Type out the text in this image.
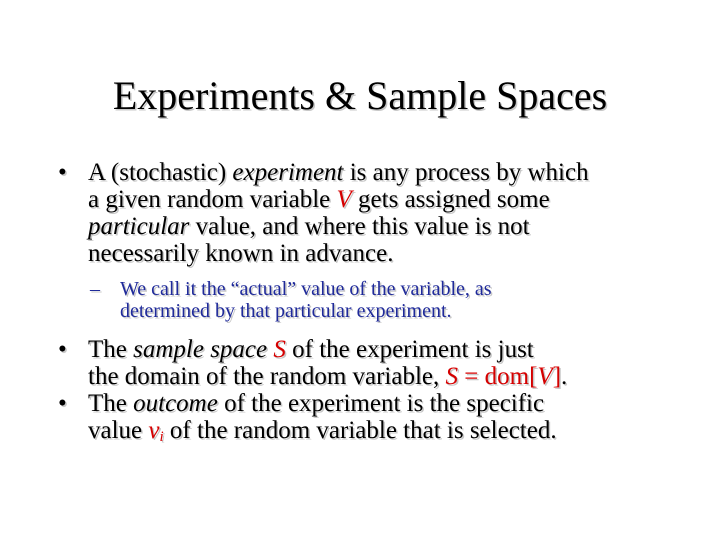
Experiments & Sample Spaces
• A (stochastic) experiment is any process by which
a given random variable V gets assigned some
particular value, and where this value is not
necessarily known in advance.
– We call it the “actual” value of the variable, as
determined by that particular experiment.
• The sample space S of the experiment is just
the domain of the random variable, S = dom[V].
• The outcome of the experiment is the specific
value $v_i$ of the random variable that is selected.
